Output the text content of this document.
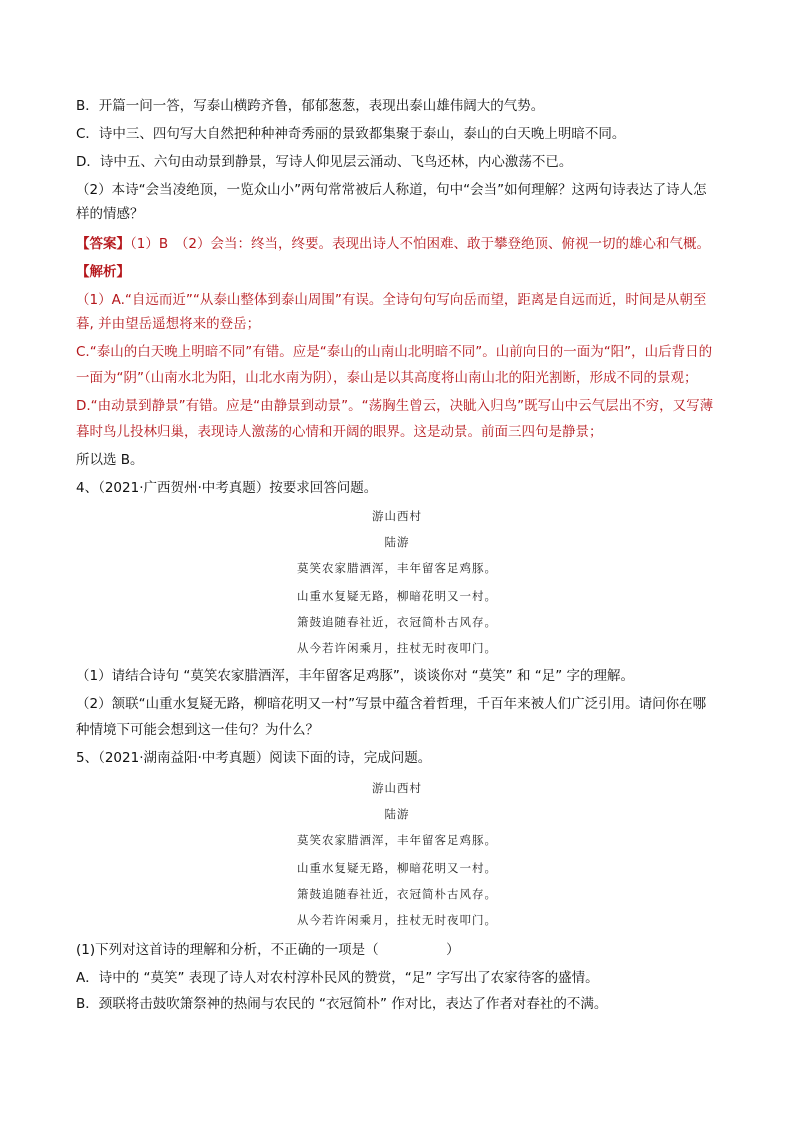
B．开篇一问一答，写泰山横跨齐鲁，郁郁葱葱，表现出泰山雄伟阔大的气势。
C．诗中三、四句写大自然把种种神奇秀丽的景致都集聚于泰山，泰山的白天晚上明暗不同。
D．诗中五、六句由动景到静景，写诗人仰见层云涌动、飞鸟还林，内心激荡不已。
（2）本诗“会当凌绝顶，一览众山小”两句常常被后人称道，句中“会当”如何理解？这两句诗表达了诗人怎
样的情感？
【答案】（1）B　（2）会当：终当，终要。表现出诗人不怕困难、敢于攀登绝顶、俯视一切的雄心和气概。
【解析】
（1）A.“自远而近”“从泰山整体到泰山周围”有误。全诗句句写向岳而望，距离是自远而近，时间是从朝至
暮, 并由望岳遥想将来的登岳；
C.“泰山的白天晚上明暗不同”有错。应是“泰山的山南山北明暗不同”。山前向日的一面为“阳”，山后背日的
一面为“阴”（山南水北为阳，山北水南为阴），泰山是以其高度将山南山北的阳光割断，形成不同的景观；
D.“由动景到静景”有错。应是“由静景到动景”。“荡胸生曾云，决眦入归鸟”既写山中云气层出不穷，又写薄
暮时鸟儿投林归巢，表现诗人激荡的心情和开阔的眼界。这是动景。前面三四句是静景；
所以选 B。
4、（2021·广西贺州·中考真题）按要求回答问题。
游山西村
陆游
莫笑农家腊酒浑，丰年留客足鸡豚。
山重水复疑无路，柳暗花明又一村。
箫鼓追随春社近，衣冠简朴古风存。
从今若许闲乘月，拄杖无时夜叩门。
（1）请结合诗句 “莫笑农家腊酒浑，丰年留客足鸡豚”，谈谈你对 “莫笑” 和 “足” 字的理解。
（2）颔联“山重水复疑无路，柳暗花明又一村”写景中蕴含着哲理，千百年来被人们广泛引用。请问你在哪
种情境下可能会想到这一佳句？为什么？
5、（2021·湖南益阳·中考真题）阅读下面的诗，完成问题。
游山西村
陆游
莫笑农家腊酒浑，丰年留客足鸡豚。
山重水复疑无路，柳暗花明又一村。
箫鼓追随春社近，衣冠简朴古风存。
从今若许闲乘月，拄杖无时夜叩门。
(1)下列对这首诗的理解和分析，不正确的一项是（　　　　　）
A．诗中的 “莫笑” 表现了诗人对农村淳朴民风的赞赏，“足” 字写出了农家待客的盛情。
B．颈联将击鼓吹箫祭神的热闹与农民的 “衣冠简朴” 作对比，表达了作者对春社的不满。
